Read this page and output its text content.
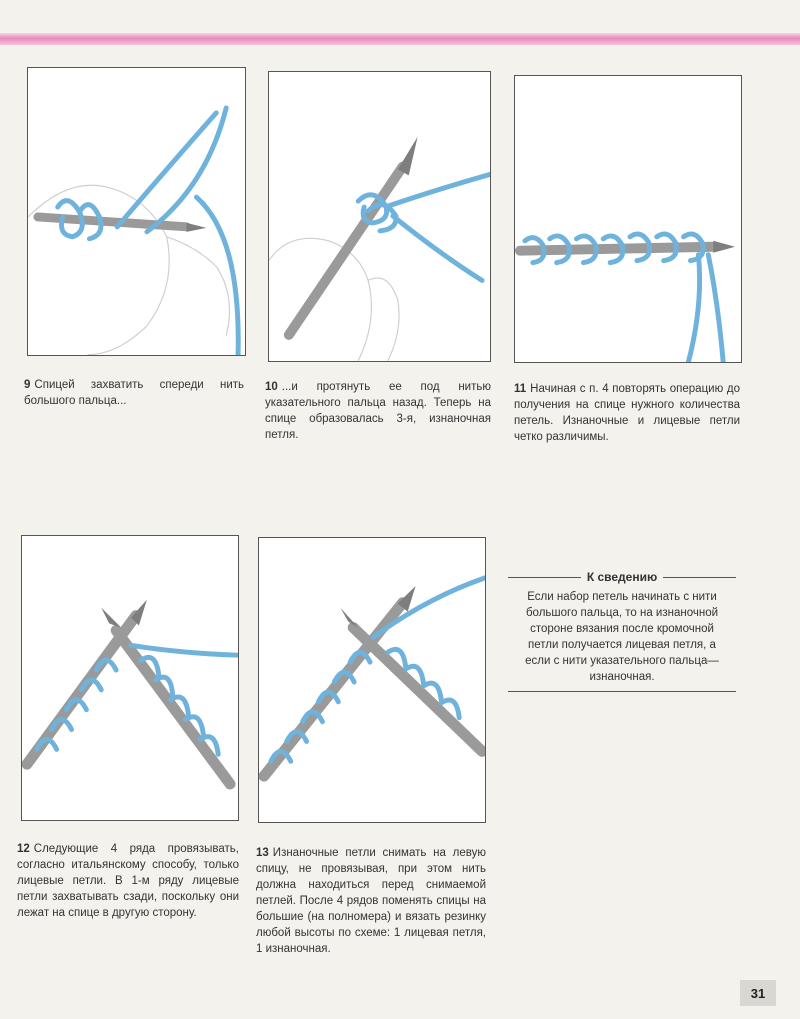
9 Спицей захватить спереди нить большого пальца...
10 ...и протянуть ее под нитью указательного пальца назад. Теперь на спице образовалась 3-я, изнаночная петля.
11 Начиная с п. 4 повторять операцию до получения на спице нужного количества петель. Изнаночные и лицевые петли четко различимы.
12 Следующие 4 ряда провязывать, согласно итальянскому способу, только лицевые петли. В 1-м ряду лицевые петли захватывать сзади, поскольку они лежат на спице в другую сторону.
13 Изнаночные петли снимать на левую спицу, не провязывая, при этом нить должна находиться перед снимаемой петлей. После 4 рядов поменять спицы на большие (на полномера) и вязать резинку любой высоты по схеме: 1 лицевая петля, 1 изнаночная.
К сведению
Если набор петель начинать с нити большого пальца, то на изнаночной стороне вязания после кромочной петли получается лицевая петля, а если с нити указательного пальца— изнаночная.
31
